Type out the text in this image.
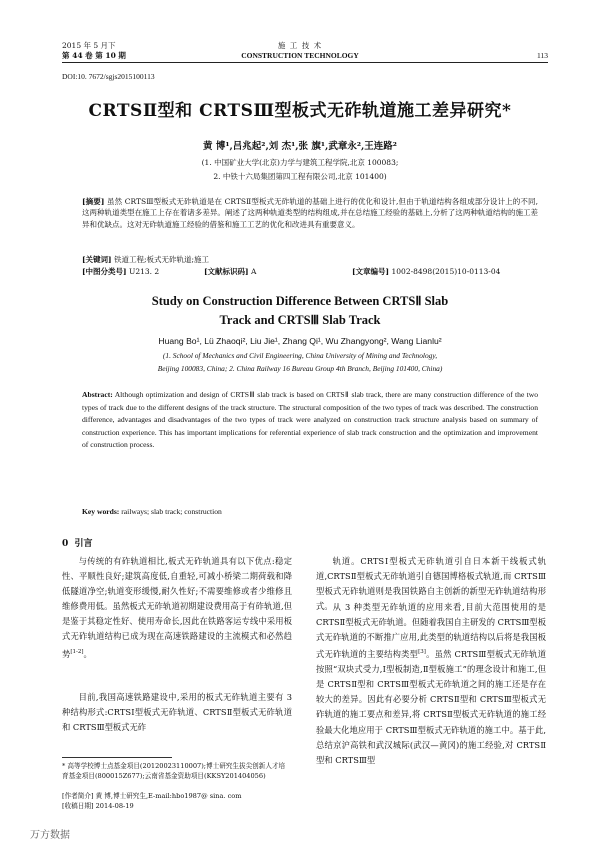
2015 年 5 月下
第 44 卷 第 10 期
施 工 技 术
CONSTRUCTION TECHNOLOGY	113
DOI:10. 7672/sgjs2015100113
CRTSⅡ型和 CRTSⅢ型板式无砟轨道施工差异研究*
黄 博¹,吕兆起²,刘 杰¹,张 旗¹,武章永²,王连路²
(1. 中国矿业大学(北京)力学与建筑工程学院,北京 100083;
2. 中铁十六局集团第四工程有限公司,北京 101400)
[摘要] 虽然 CRTSⅢ型板式无砟轨道是在 CRTSⅡ型板式无砟轨道的基础上进行的优化和设计,但由于轨道结构各组成部分设计上的不同,这两种轨道类型在施工上存在着诸多差异。阐述了这两种轨道类型的结构组成,并在总结施工经验的基础上,分析了这两种轨道结构的施工差异和优缺点。这对无砟轨道施工经验的借鉴和施工工艺的优化和改进具有重要意义。
[关键词] 铁道工程;板式无砟轨道;施工
[中图分类号] U213. 2	[文献标识码] A	[文章编号] 1002-8498(2015)10-0113-04
Study on Construction Difference Between CRTSⅡ Slab
Track and CRTSⅢ Slab Track
Huang Bo¹, Lü Zhaoqi², Liu Jie¹, Zhang Qi¹, Wu Zhangyong², Wang Lianlu²
(1. School of Mechanics and Civil Engineering, China University of Mining and Technology,
Beijing 100083, China; 2. China Railway 16 Bureau Group 4th Branch, Beijing 101400, China)
Abstract: Although optimization and design of CRTSⅢ slab track is based on CRTSⅡ slab track, there are many construction difference of the two types of track due to the different designs of the track structure. The structural composition of the two types of track was described. The construction difference, advantages and disadvantages of the two types of track were analyzed on construction track structure analysis based on summary of construction experience. This has important implications for referential experience of slab track construction and the optimization and improvement of construction process.
Key words: railways; slab track; construction
0 引言
与传统的有砟轨道相比,板式无砟轨道具有以下优点:稳定性、平顺性良好;建筑高度低,自重轻,可减小桥梁二期荷载和降低隧道净空;轨道变形缓慢,耐久性好;不需要维修或者少维修且维修费用低。虽然板式无砟轨道初期建设费用高于有砟轨道,但是鉴于其稳定性好、使用寿命长,因此在铁路客运专线中采用板式无砟轨道结构已成为现在高速铁路建设的主流模式和必然趋势[1-2]。
目前,我国高速铁路建设中,采用的板式无砟轨道主要有 3 种结构形式:CRTSⅠ型板式无砟轨道、CRTSⅡ型板式无砟轨道和 CRTSⅢ型板式无砟
* 高等学校博士点基金项目(20120023110007);博士研究生拔尖创新人才培育基金项目(800015Z677);云南省基金资助项目(KKSY201404056)
[作者简介] 黄 博,博士研究生,E-mail:hbo1987@ sina. com
[收稿日期] 2014-08-19
轨道。CRTSⅠ型板式无砟轨道引自日本新干线板式轨道,CRTSⅡ型板式无砟轨道引自德国博格板式轨道,而 CRTSⅢ型板式无砟轨道则是我国铁路自主创新的新型无砟轨道结构形式。 从 3 种类型无砟轨道的应用来看,目前大范围使用的是 CRTSⅡ型板式无砟轨道。但随着我国自主研发的 CRTSⅢ型板式无砟轨道的不断推广应用,此类型的轨道结构以后将是我国板式无砟轨道的主要结构类型[3]。虽然 CRTSⅢ型板式无砟轨道按照“双块式受力,Ⅰ型板制造,Ⅱ型板施工”的理念设计和施工,但是 CRTSⅡ型和 CRTSⅢ型板式无砟轨道之间的施工还是存在较大的差异。因此有必要分析 CRTSⅡ型和 CRTSⅢ型板式无砟轨道的施工要点和差异,将 CRTSⅡ型板式无砟轨道的施工经验最大化地应用于 CRTSⅢ型板式无砟轨道的施工中。基于此,总结京沪高铁和武汉城际(武汉—黄冈)的施工经验,对 CRTSⅡ型和 CRTSⅢ型
万方数据
